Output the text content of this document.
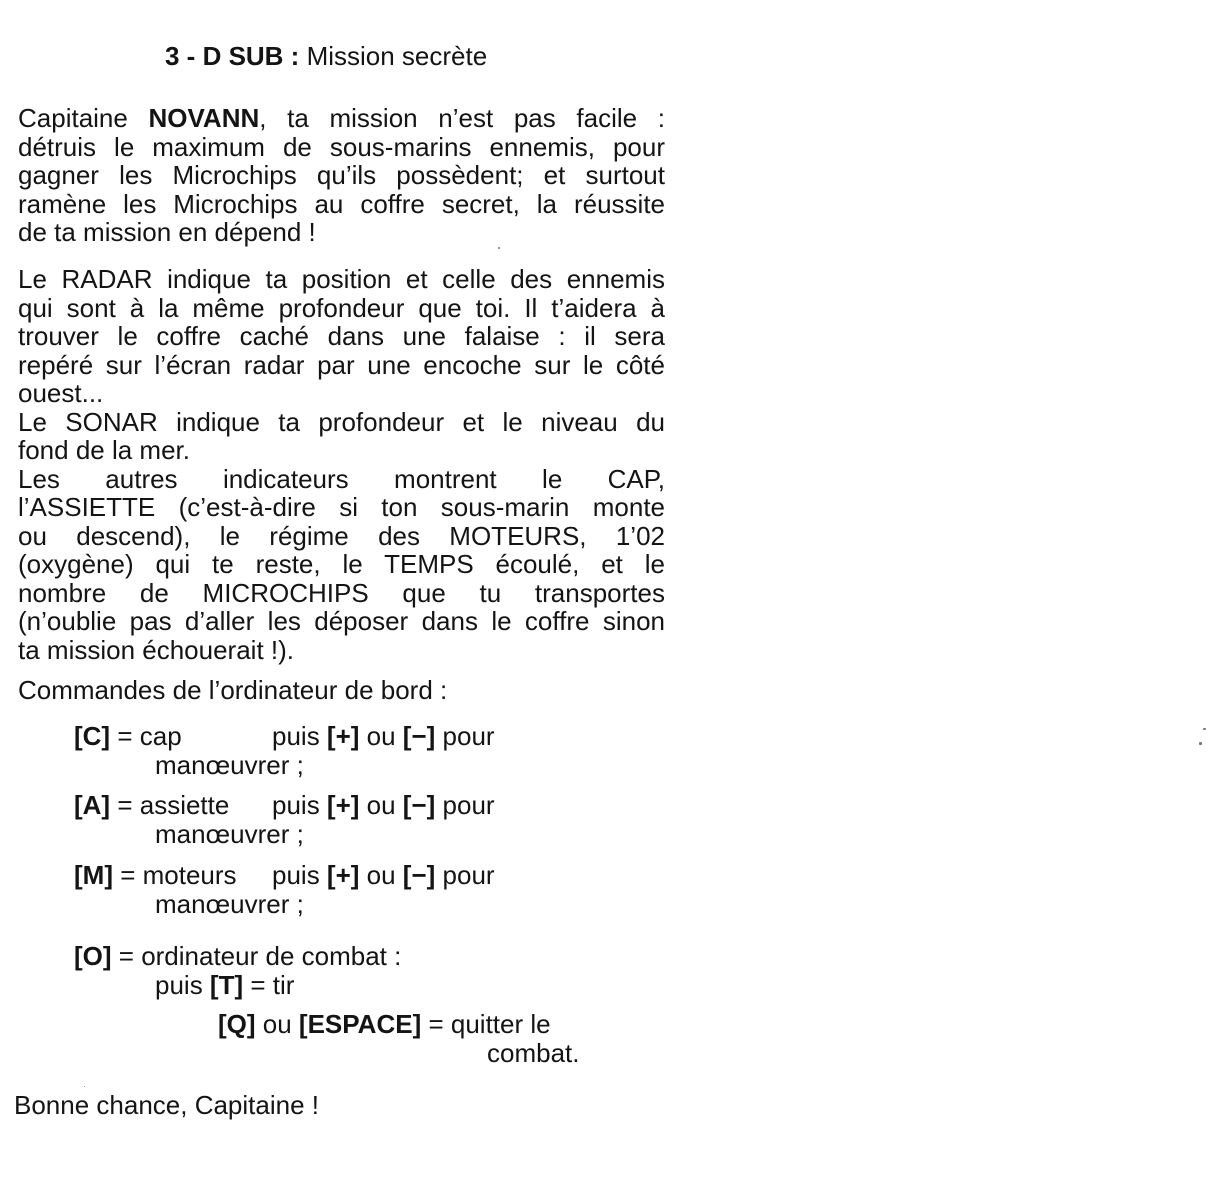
3 - D SUB : Mission secrète
Capitaine NOVANN, ta mission n’est pas facile :
détruis le maximum de sous-marins ennemis, pour
gagner les Microchips qu’ils possèdent; et surtout
ramène les Microchips au coffre secret, la réussite
de ta mission en dépend !
Le RADAR indique ta position et celle des ennemis
qui sont à la même profondeur que toi. Il t’aidera à
trouver le coffre caché dans une falaise : il sera
repéré sur l’écran radar par une encoche sur le côté
ouest...
Le SONAR indique ta profondeur et le niveau du
fond de la mer.
Les autres indicateurs montrent le CAP,
l’ASSIETTE (c’est-à-dire si ton sous-marin monte
ou descend), le régime des MOTEURS, 1’02
(oxygène) qui te reste, le TEMPS écoulé, et le
nombre de MICROCHIPS que tu transportes
(n’oublie pas d’aller les déposer dans le coffre sinon
ta mission échouerait !).
Commandes de l’ordinateur de bord :
[C] = cap	puis [+] ou [−] pour
manœuvrer ;
[A] = assiette puis [+] ou [−] pour
manœuvrer ;
[M] = moteurs puis [+] ou [−] pour
manœuvrer ;
[O] = ordinateur de combat :
puis [T] = tir
[Q] ou [ESPACE] = quitter le
combat.
Bonne chance, Capitaine !
